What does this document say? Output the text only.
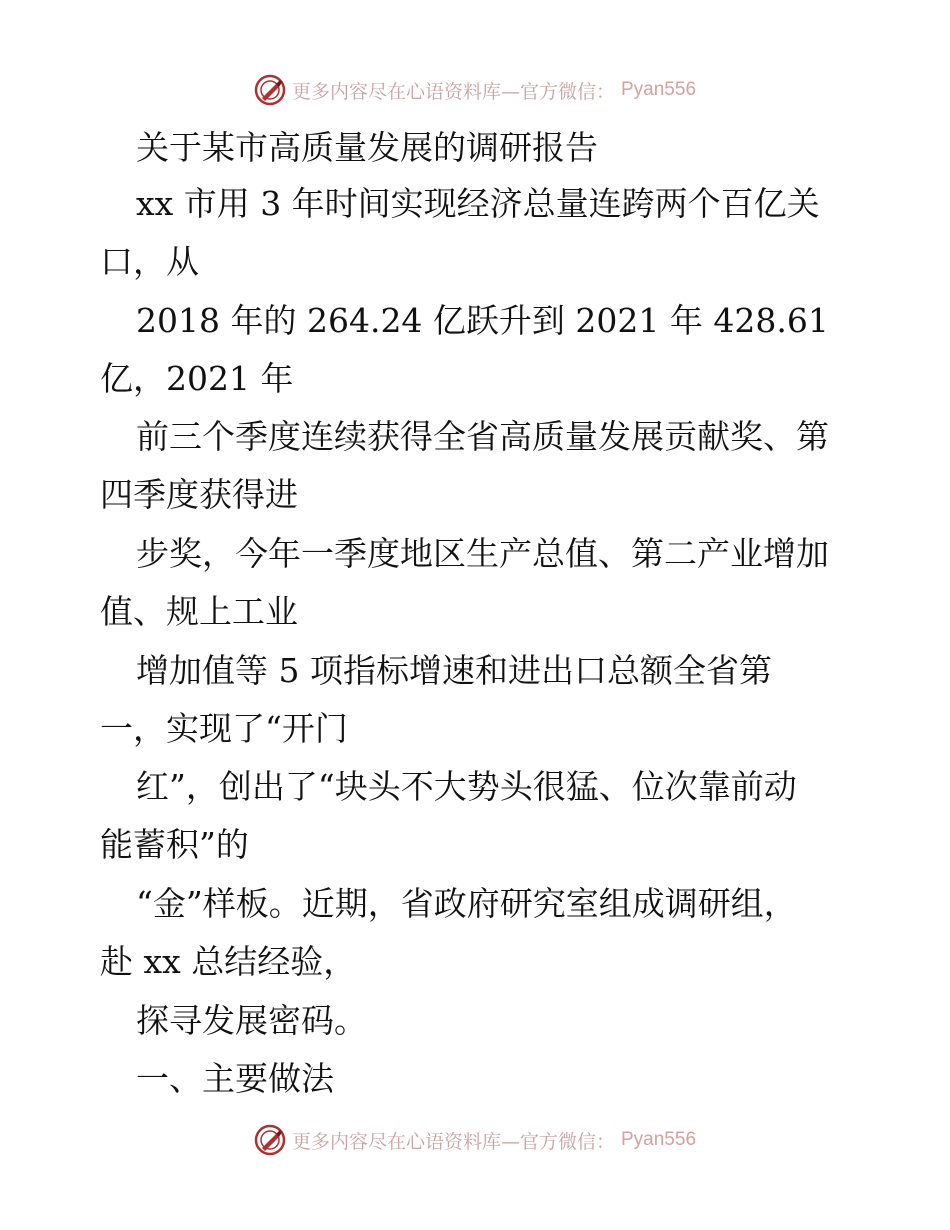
更多内容尽在心语资料库—官方微信： Pyan556
关于某市高质量发展的调研报告
xx 市用 3 年时间实现经济总量连跨两个百亿关
口，从
2018 年的 264.24 亿跃升到 2021 年 428.61
亿，2021 年
前三个季度连续获得全省高质量发展贡献奖、第
四季度获得进
步奖，今年一季度地区生产总值、第二产业增加
值、规上工业
增加值等 5 项指标增速和进出口总额全省第
一，实现了“开门
红”，创出了“块头不大势头很猛、位次靠前动
能蓄积”的
“金”样板。近期，省政府研究室组成调研组，
赴 xx 总结经验，
探寻发展密码。
一、主要做法
更多内容尽在心语资料库—官方微信： Pyan556
